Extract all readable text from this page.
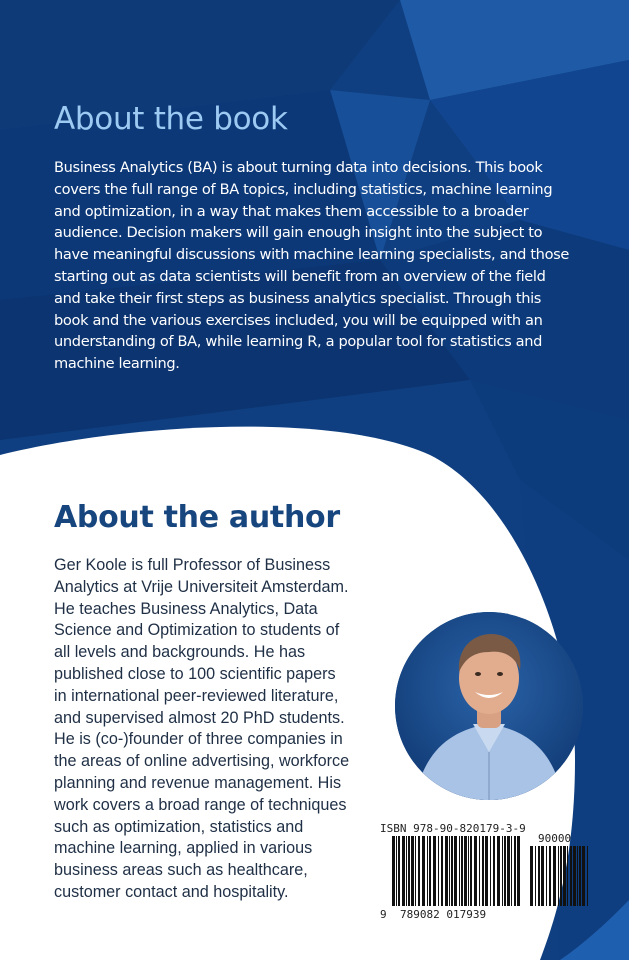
About the book

Business Analytics (BA) is about turning data into decisions. This book
covers the full range of BA topics, including statistics, machine learning
and optimization, in a way that makes them accessible to a broader
audience. Decision makers will gain enough insight into the subject to
have meaningful discussions with machine learning specialists, and those
starting out as data scientists will benefit from an overview of the field
and take their first steps as business analytics specialist. Through this
book and the various exercises included, you will be equipped with an
understanding of BA, while learning R, a popular tool for statistics and
machine learning.

About the author

Ger Koole is full Professor of Business
Analytics at Vrije Universiteit Amsterdam.
He teaches Business Analytics, Data
Science and Optimization to students of
all levels and backgrounds. He has
published close to 100 scientific papers
in international peer-reviewed literature,
and supervised almost 20 PhD students.
He is (co-)founder of three companies in
the areas of online advertising, workforce
planning and revenue management. His
work covers a broad range of techniques
such as optimization, statistics and
machine learning, applied in various
business areas such as healthcare,
customer contact and hospitality.

ISBN 978-90-820179-3-9
90000
9 789082 017939
